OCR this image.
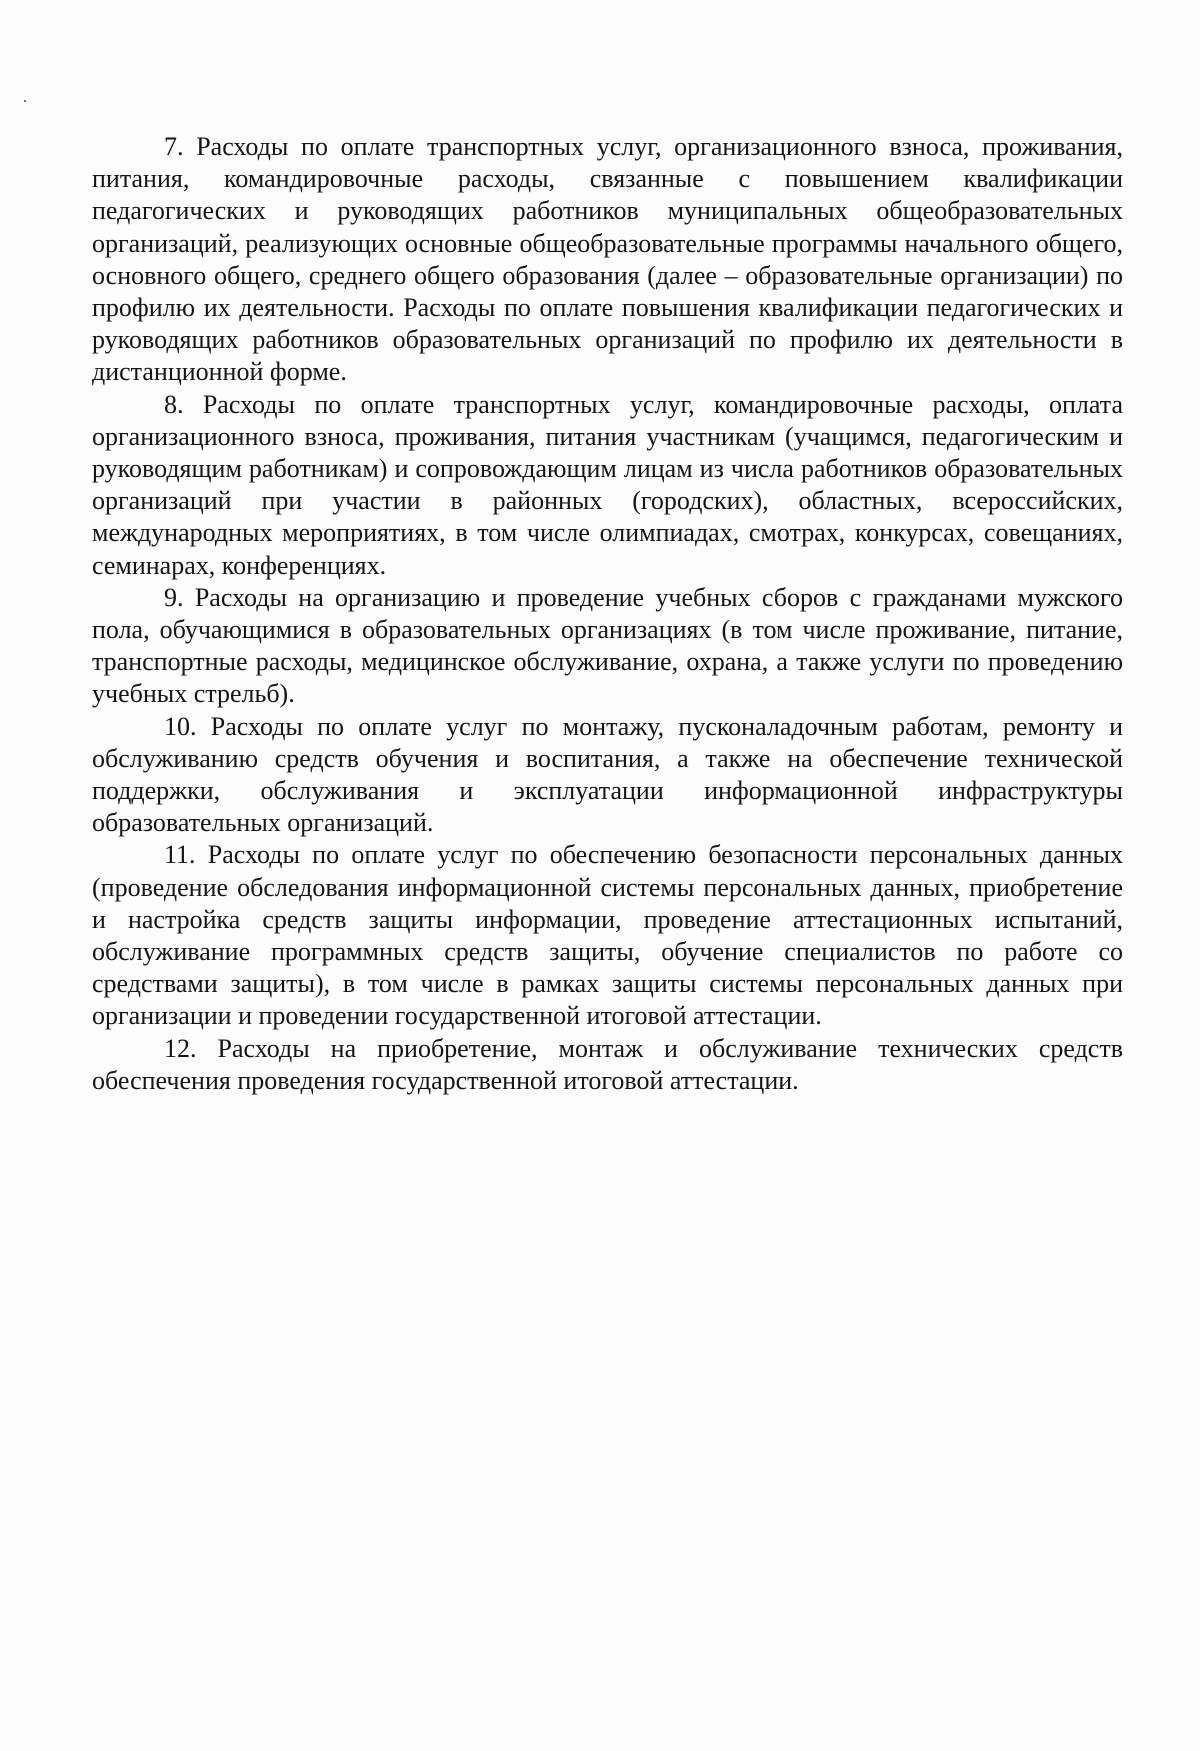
7. Расходы по оплате транспортных услуг, организационного взноса, проживания, питания, командировочные расходы, связанные с повышением квалификации педагогических и руководящих работников муниципальных общеобразовательных организаций, реализующих основные общеобразовательные программы начального общего, основного общего, среднего общего образования (далее – образовательные организации) по профилю их деятельности. Расходы по оплате повышения квалификации педагогических и руководящих работников образовательных организаций по профилю их деятельности в дистанционной форме.

8. Расходы по оплате транспортных услуг, командировочные расходы, оплата организационного взноса, проживания, питания участникам (учащимся, педагогическим и руководящим работникам) и сопровождающим лицам из числа работников образовательных организаций при участии в районных (городских), областных, всероссийских, международных мероприятиях, в том числе олимпиадах, смотрах, конкурсах, совещаниях, семинарах, конференциях.

9. Расходы на организацию и проведение учебных сборов с гражданами мужского пола, обучающимися в образовательных организациях (в том числе проживание, питание, транспортные расходы, медицинское обслуживание, охрана, а также услуги по проведению учебных стрельб).

10. Расходы по оплате услуг по монтажу, пусконаладочным работам, ремонту и обслуживанию средств обучения и воспитания, а также на обеспечение технической поддержки, обслуживания и эксплуатации информационной инфраструктуры образовательных организаций.

11. Расходы по оплате услуг по обеспечению безопасности персональных данных (проведение обследования информационной системы персональных данных, приобретение и настройка средств защиты информации, проведение аттестационных испытаний, обслуживание программных средств защиты, обучение специалистов по работе со средствами защиты), в том числе в рамках защиты системы персональных данных при организации и проведении государственной итоговой аттестации.

12. Расходы на приобретение, монтаж и обслуживание технических средств обеспечения проведения государственной итоговой аттестации.
